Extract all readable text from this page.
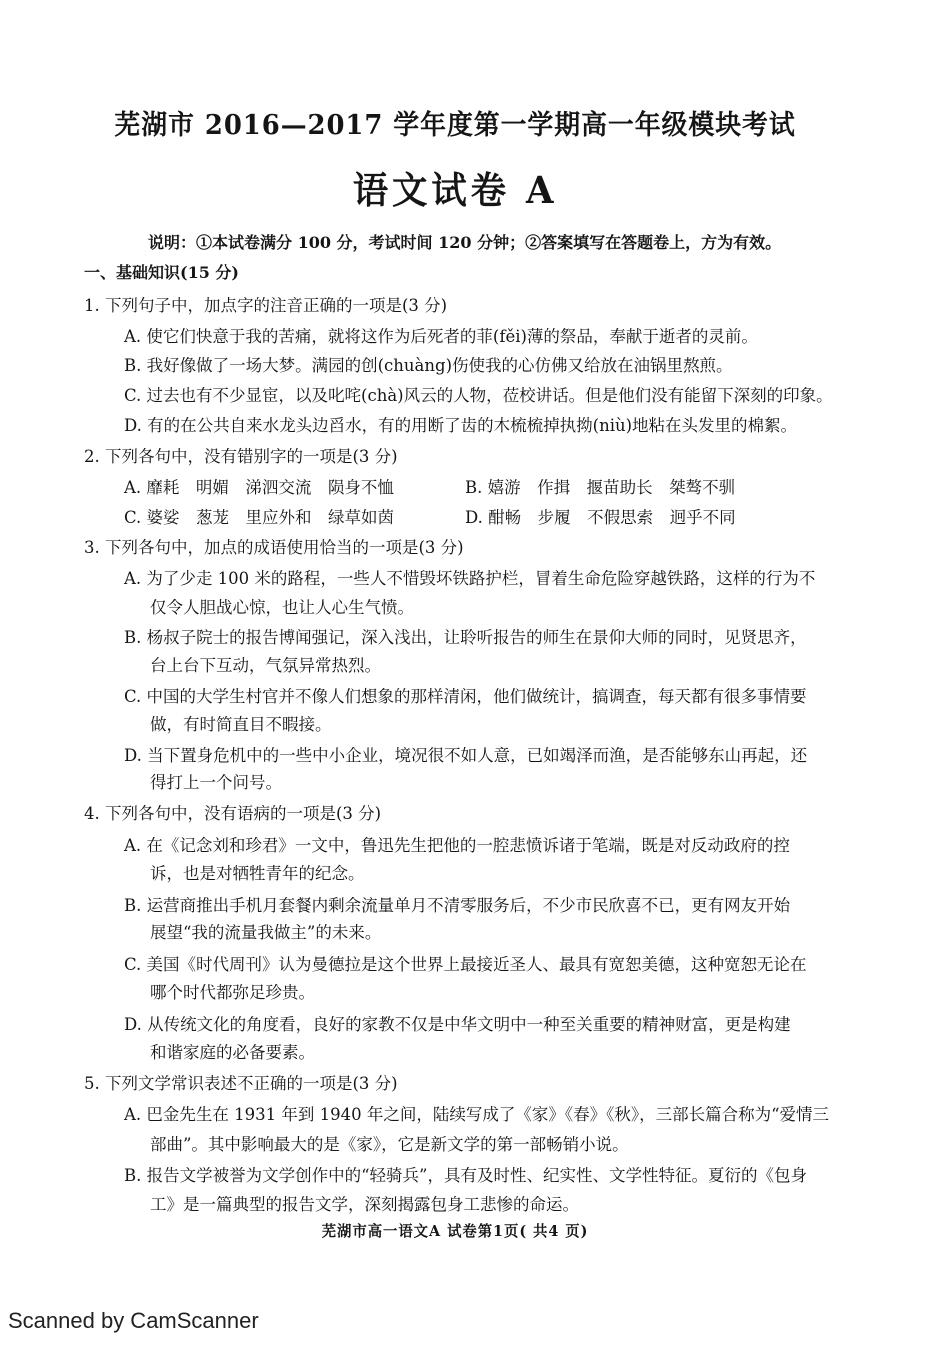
芜湖市 2016—2017 学年度第一学期高一年级模块考试
语文试卷 A
说明：①本试卷满分 100 分，考试时间 120 分钟；②答案填写在答题卷上，方为有效。
一、基础知识(15 分)
1. 下列句子中，加点字的注音正确的一项是(3 分)
A. 使它们快意于我的苦痛，就将这作为后死者的菲(fěi)薄的祭品，奉献于逝者的灵前。
B. 我好像做了一场大梦。满园的创(chuàng)伤使我的心仿佛又给放在油锅里熬煎。
C. 过去也有不少显宦，以及叱咤(chà)风云的人物，莅校讲话。但是他们没有能留下深刻的印象。
D. 有的在公共自来水龙头边舀水，有的用断了齿的木梳梳掉执拗(niù)地粘在头发里的棉絮。
2. 下列各句中，没有错别字的一项是(3 分)
A. 靡耗　明媚　涕泗交流　陨身不恤	B. 嬉游　作揖　揠苗助长　桀骜不驯
C. 婆娑　葱茏　里应外和　绿草如茵	D. 酣畅　步履　不假思索　迥乎不同
3. 下列各句中，加点的成语使用恰当的一项是(3 分)
A. 为了少走 100 米的路程，一些人不惜毁坏铁路护栏，冒着生命危险穿越铁路，这样的行为不
仅令人胆战心惊，也让人心生气愤。
B. 杨叔子院士的报告博闻强记，深入浅出，让聆听报告的师生在景仰大师的同时，见贤思齐，
台上台下互动，气氛异常热烈。
C. 中国的大学生村官并不像人们想象的那样清闲，他们做统计，搞调查，每天都有很多事情要
做，有时简直目不暇接。
D. 当下置身危机中的一些中小企业，境况很不如人意，已如竭泽而渔，是否能够东山再起，还
得打上一个问号。
4. 下列各句中，没有语病的一项是(3 分)
A. 在《记念刘和珍君》一文中，鲁迅先生把他的一腔悲愤诉诸于笔端，既是对反动政府的控
诉，也是对牺牲青年的纪念。
B. 运营商推出手机月套餐内剩余流量单月不清零服务后，不少市民欣喜不已，更有网友开始
展望“我的流量我做主”的未来。
C. 美国《时代周刊》认为曼德拉是这个世界上最接近圣人、最具有宽恕美德，这种宽恕无论在
哪个时代都弥足珍贵。
D. 从传统文化的角度看，良好的家教不仅是中华文明中一种至关重要的精神财富，更是构建
和谐家庭的必备要素。
5. 下列文学常识表述不正确的一项是(3 分)
A. 巴金先生在 1931 年到 1940 年之间，陆续写成了《家》《春》《秋》，三部长篇合称为“爱情三
部曲”。其中影响最大的是《家》，它是新文学的第一部畅销小说。
B. 报告文学被誉为文学创作中的“轻骑兵”，具有及时性、纪实性、文学性特征。夏衍的《包身
工》是一篇典型的报告文学，深刻揭露包身工悲惨的命运。
芜湖市高一语文A 试卷第1页( 共4 页)
Scanned by CamScanner
